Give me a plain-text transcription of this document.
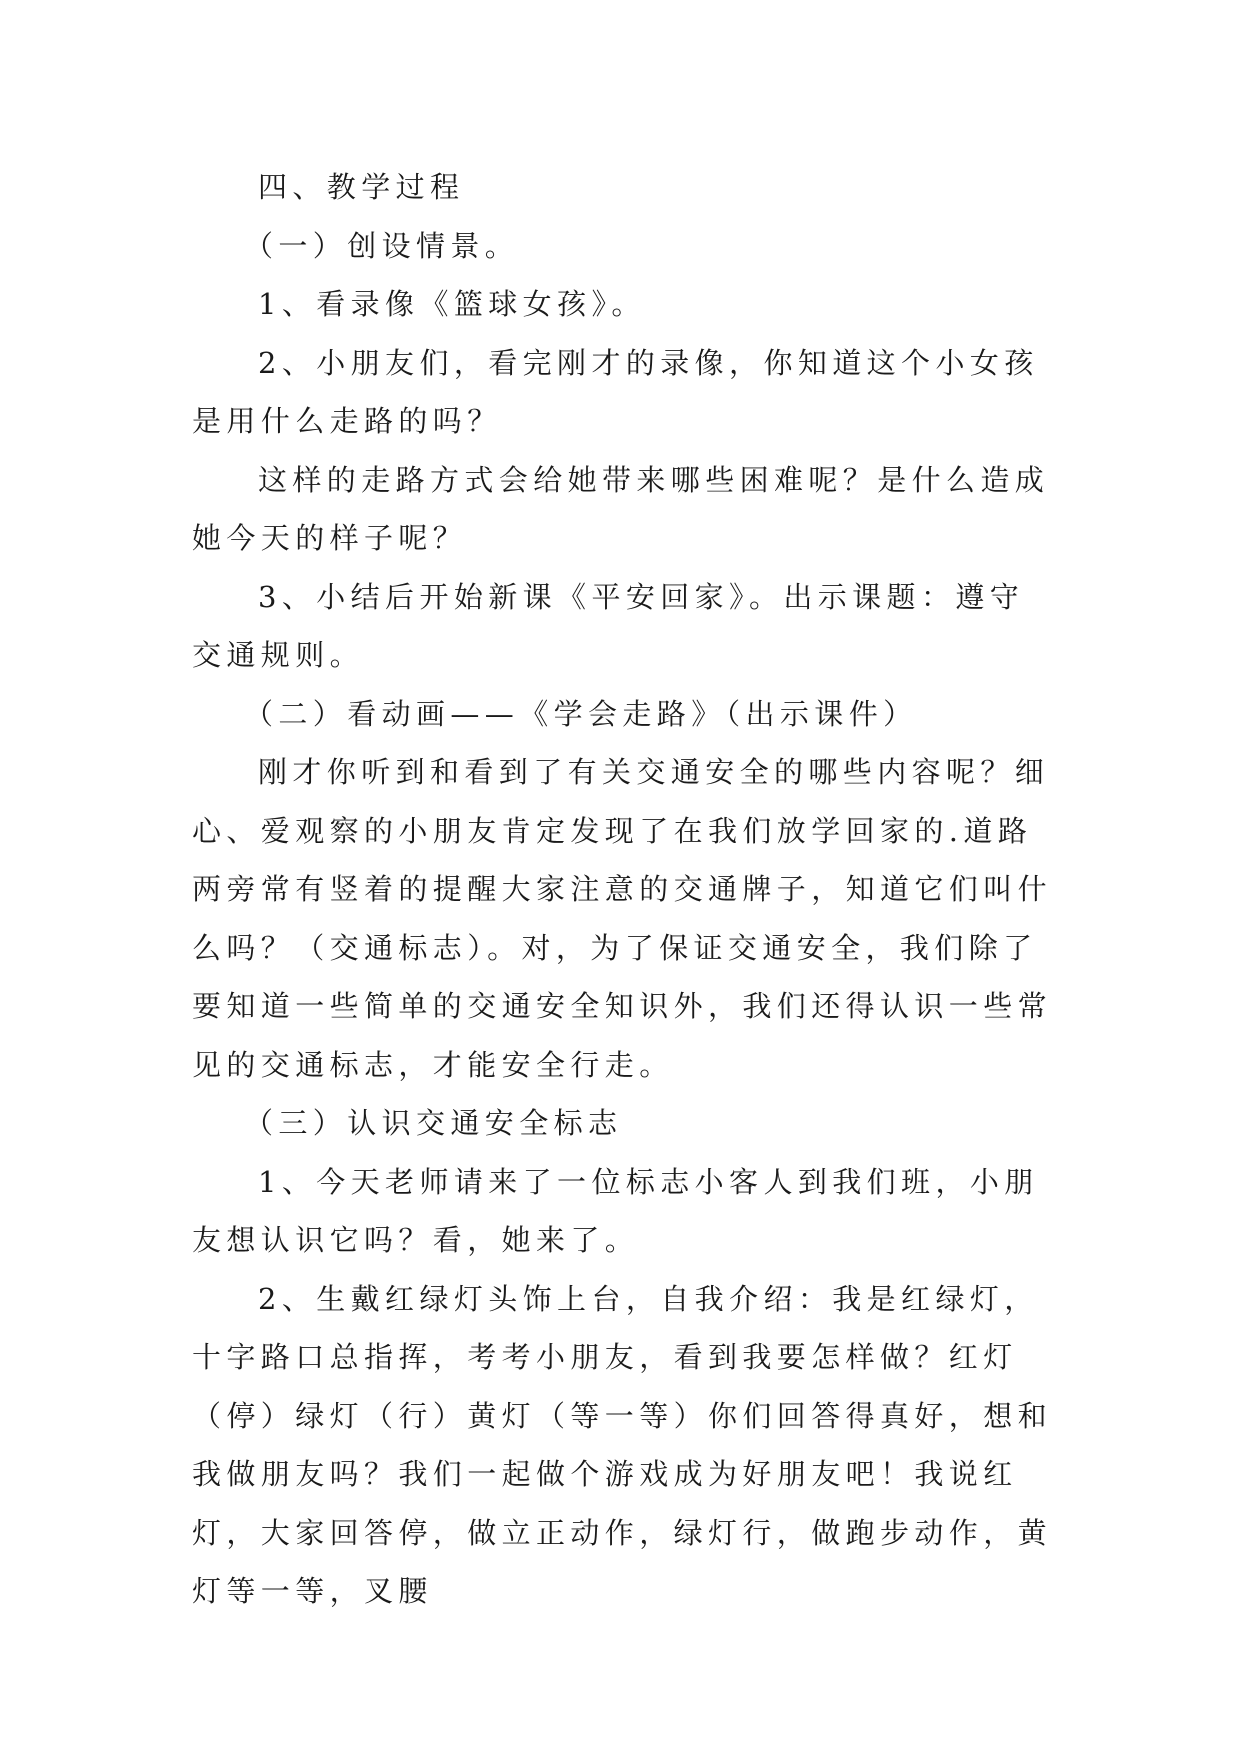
四、教学过程

（一）创设情景。

1、看录像《篮球女孩》。

2、小朋友们，看完刚才的录像，你知道这个小女孩是用什么走路的吗？

这样的走路方式会给她带来哪些困难呢？是什么造成她今天的样子呢？

3、小结后开始新课《平安回家》。出示课题：遵守交通规则。

（二）看动画——《学会走路》（出示课件）

刚才你听到和看到了有关交通安全的哪些内容呢？细心、爱观察的小朋友肯定发现了在我们放学回家的.道路两旁常有竖着的提醒大家注意的交通牌子，知道它们叫什么吗？（交通标志）。对，为了保证交通安全，我们除了要知道一些简单的交通安全知识外，我们还得认识一些常见的交通标志，才能安全行走。

（三）认识交通安全标志

1、今天老师请来了一位标志小客人到我们班，小朋友想认识它吗？看，她来了。

2、生戴红绿灯头饰上台，自我介绍：我是红绿灯，十字路口总指挥，考考小朋友，看到我要怎样做？红灯（停）绿灯（行）黄灯（等一等）你们回答得真好，想和我做朋友吗？我们一起做个游戏成为好朋友吧！我说红灯，大家回答停，做立正动作，绿灯行，做跑步动作，黄灯等一等，叉腰
